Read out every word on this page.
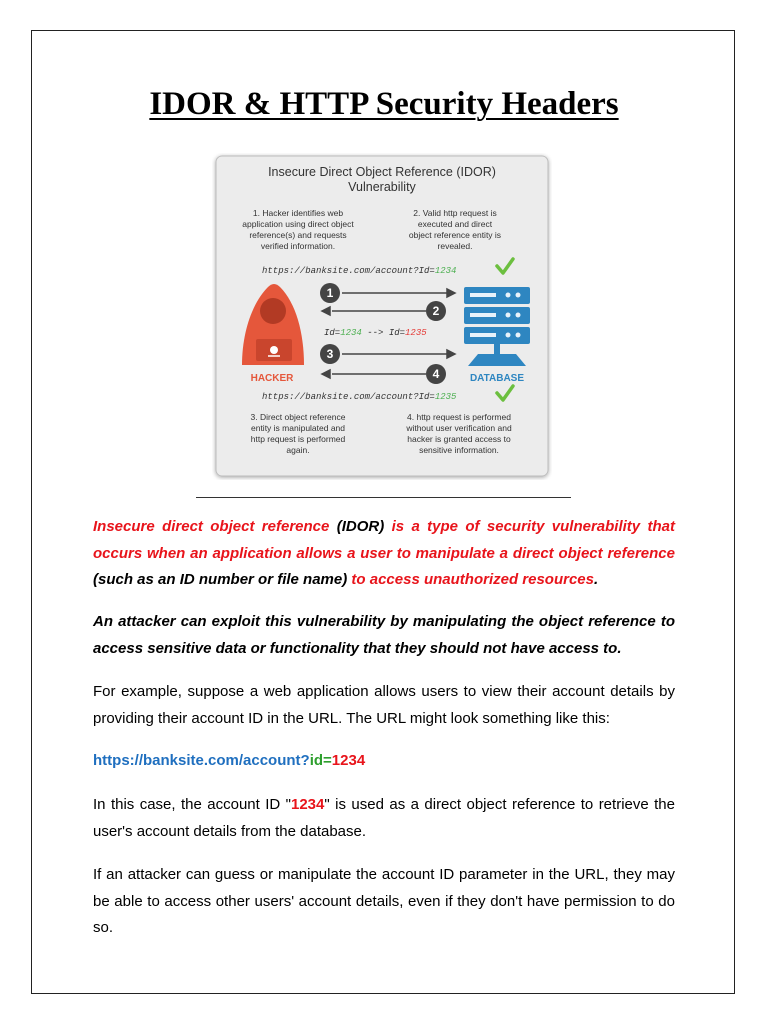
IDOR & HTTP Security Headers
Insecure Direct Object Reference (IDOR)
Vulnerability
1. Hacker identifies web
application using direct object
reference(s) and requests
verified information.
2. Valid http request is
executed and direct
object reference entity is
revealed.
https://banksite.com/account?Id=1234
HACKER	DATABASE
1
2
3
4
Id=1234 --> Id=1235
https://banksite.com/account?Id=1235
3. Direct object reference
entity is manipulated and
http request is performed
again.
4. http request is performed
without user verification and
hacker is granted access to
sensitive information.

Insecure direct object reference (IDOR) is a type of security vulnerability that occurs when an application allows a user to manipulate a direct object reference (such as an ID number or file name) to access unauthorized resources.

An attacker can exploit this vulnerability by manipulating the object reference to access sensitive data or functionality that they should not have access to.

For example, suppose a web application allows users to view their account details by providing their account ID in the URL. The URL might look something like this:

https://banksite.com/account?id=1234

In this case, the account ID "1234" is used as a direct object reference to retrieve the user's account details from the database.

If an attacker can guess or manipulate the account ID parameter in the URL, they may be able to access other users' account details, even if they don't have permission to do so.
